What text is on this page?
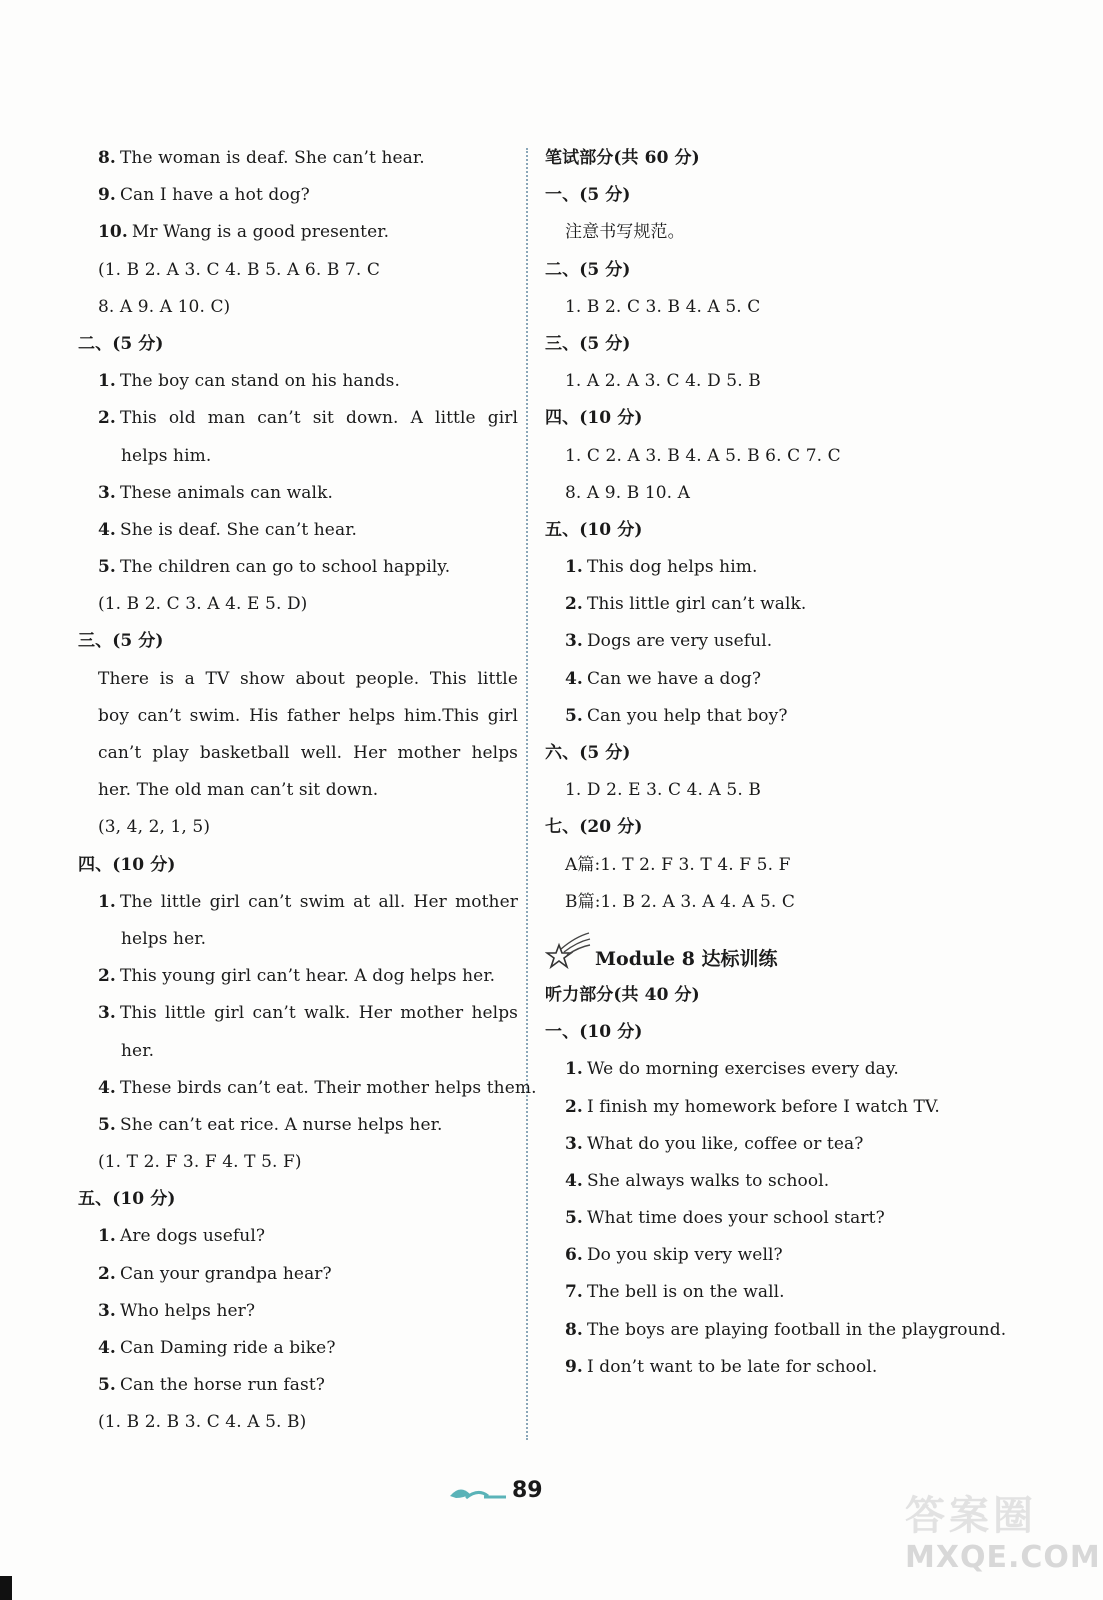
8. The woman is deaf. She can’t hear.
9. Can I have a hot dog?
10. Mr Wang is a good presenter.
(1. B 2. A 3. C 4. B 5. A 6. B 7. C
8. A 9. A 10. C)
二、(5 分)
1. The boy can stand on his hands.
2. This old man can’t sit down. A little girl
helps him.
3. These animals can walk.
4. She is deaf. She can’t hear.
5. The children can go to school happily.
(1. B 2. C 3. A 4. E 5. D)
三、(5 分)
There is a TV show about people. This little
boy can’t swim. His father helps him.This girl
can’t play basketball well. Her mother helps
her. The old man can’t sit down.
(3, 4, 2, 1, 5)
四、(10 分)
1. The little girl can’t swim at all. Her mother
helps her.
2. This young girl can’t hear. A dog helps her.
3. This little girl can’t walk. Her mother helps
her.
4. These birds can’t eat. Their mother helps them.
5. She can’t eat rice. A nurse helps her.
(1. T 2. F 3. F 4. T 5. F)
五、(10 分)
1. Are dogs useful?
2. Can your grandpa hear?
3. Who helps her?
4. Can Daming ride a bike?
5. Can the horse run fast?
(1. B 2. B 3. C 4. A 5. B)
笔试部分(共 60 分)
一、(5 分)
注意书写规范。
二、(5 分)
1. B 2. C 3. B 4. A 5. C
三、(5 分)
1. A 2. A 3. C 4. D 5. B
四、(10 分)
1. C 2. A 3. B 4. A 5. B 6. C 7. C
8. A 9. B 10. A
五、(10 分)
1. This dog helps him.
2. This little girl can’t walk.
3. Dogs are very useful.
4. Can we have a dog?
5. Can you help that boy?
六、(5 分)
1. D 2. E 3. C 4. A 5. B
七、(20 分)
A篇:1. T 2. F 3. T 4. F 5. F
B篇:1. B 2. A 3. A 4. A 5. C
Module 8 达标训练
听力部分(共 40 分)
一、(10 分)
1. We do morning exercises every day.
2. I finish my homework before I watch TV.
3. What do you like, coffee or tea?
4. She always walks to school.
5. What time does your school start?
6. Do you skip very well?
7. The bell is on the wall.
8. The boys are playing football in the playground.
9. I don’t want to be late for school.
89
答案圈
MXQE.COM
